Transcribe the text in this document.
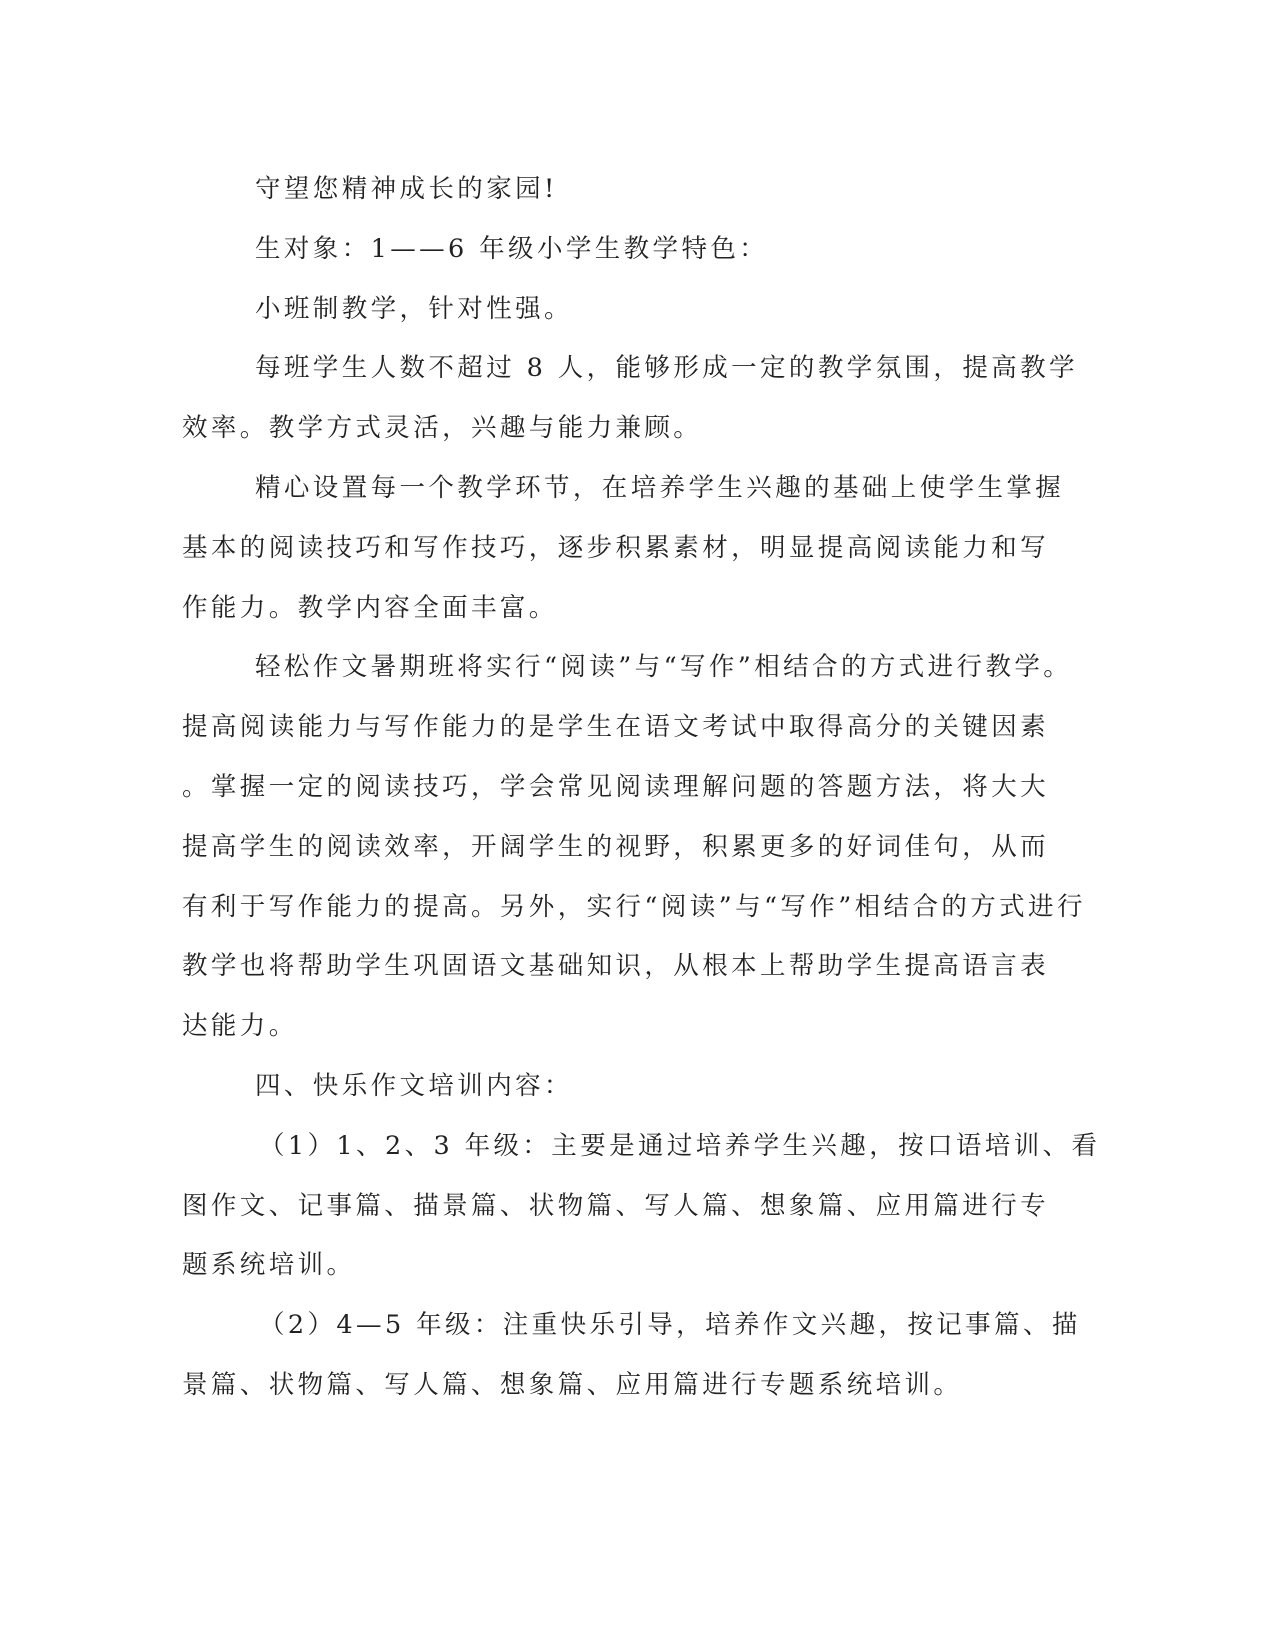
守望您精神成长的家园!

生对象：1——6 年级小学生教学特色：

小班制教学，针对性强。

每班学生人数不超过 8 人，能够形成一定的教学氛围，提高教学

效率。教学方式灵活，兴趣与能力兼顾。

精心设置每一个教学环节，在培养学生兴趣的基础上使学生掌握

基本的阅读技巧和写作技巧，逐步积累素材，明显提高阅读能力和写

作能力。教学内容全面丰富。

轻松作文暑期班将实行“阅读”与“写作”相结合的方式进行教学。

提高阅读能力与写作能力的是学生在语文考试中取得高分的关键因素

。掌握一定的阅读技巧，学会常见阅读理解问题的答题方法，将大大

提高学生的阅读效率，开阔学生的视野，积累更多的好词佳句，从而

有利于写作能力的提高。另外，实行“阅读”与“写作”相结合的方式进行

教学也将帮助学生巩固语文基础知识，从根本上帮助学生提高语言表

达能力。

四、快乐作文培训内容：

（1）1、2、3 年级：主要是通过培养学生兴趣，按口语培训、看

图作文、记事篇、描景篇、状物篇、写人篇、想象篇、应用篇进行专

题系统培训。

（2）4—5 年级：注重快乐引导，培养作文兴趣，按记事篇、描

景篇、状物篇、写人篇、想象篇、应用篇进行专题系统培训。
